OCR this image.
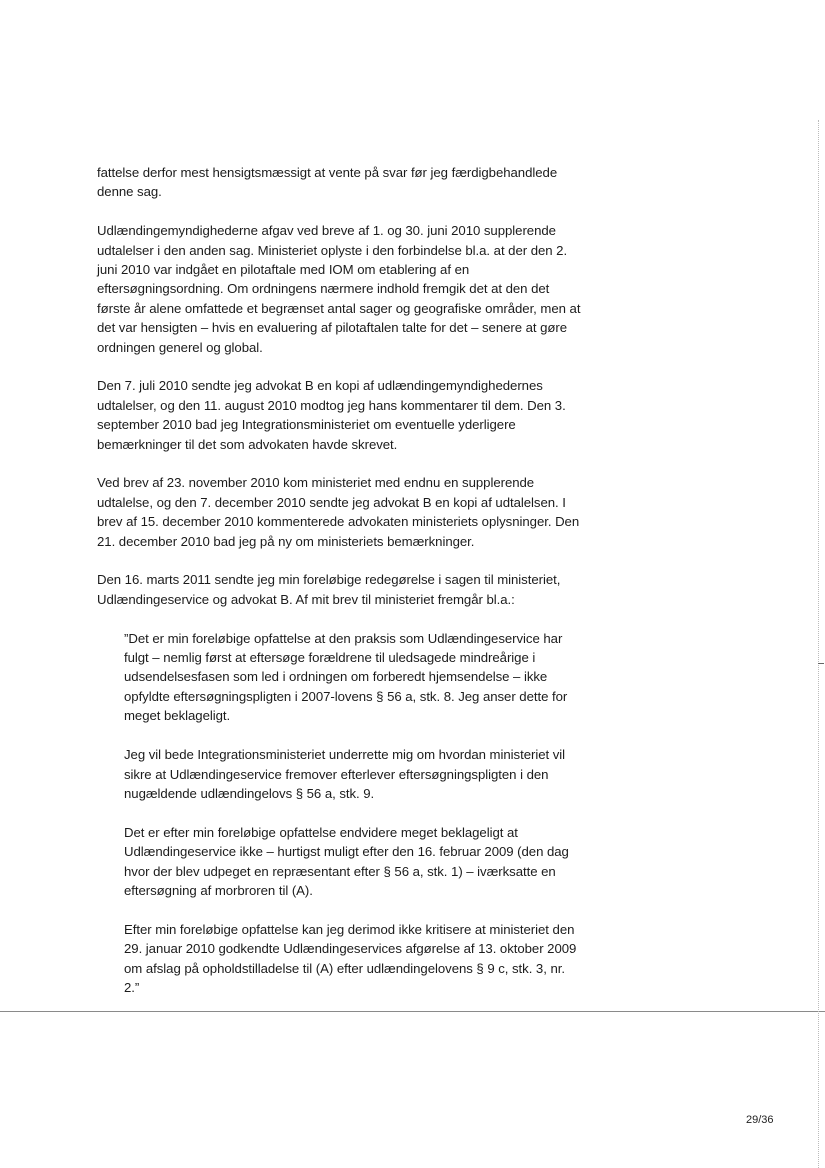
fattelse derfor mest hensigtsmæssigt at vente på svar før jeg færdigbehandlede denne sag.

Udlændingemyndighederne afgav ved breve af 1. og 30. juni 2010 supplerende udtalelser i den anden sag. Ministeriet oplyste i den forbindelse bl.a. at der den 2. juni 2010 var indgået en pilotaftale med IOM om etablering af en eftersøgningsordning. Om ordningens nærmere indhold fremgik det at den det første år alene omfattede et begrænset antal sager og geografiske områder, men at det var hensigten – hvis en evaluering af pilotaftalen talte for det – senere at gøre ordningen generel og global.

Den 7. juli 2010 sendte jeg advokat B en kopi af udlændingemyndighedernes udtalelser, og den 11. august 2010 modtog jeg hans kommentarer til dem. Den 3. september 2010 bad jeg Integrationsministeriet om eventuelle yderligere bemærkninger til det som advokaten havde skrevet.

Ved brev af 23. november 2010 kom ministeriet med endnu en supplerende udtalelse, og den 7. december 2010 sendte jeg advokat B en kopi af udtalelsen. I brev af 15. december 2010 kommenterede advokaten ministeriets oplysninger. Den 21. december 2010 bad jeg på ny om ministeriets bemærkninger.

Den 16. marts 2011 sendte jeg min foreløbige redegørelse i sagen til ministeriet, Udlændingeservice og advokat B. Af mit brev til ministeriet fremgår bl.a.:

”Det er min foreløbige opfattelse at den praksis som Udlændingeservice har fulgt – nemlig først at eftersøge forældrene til uledsagede mindreårige i udsendelsesfasen som led i ordningen om forberedt hjemsendelse – ikke opfyldte eftersøgningspligten i 2007-lovens § 56 a, stk. 8. Jeg anser dette for meget beklageligt.

Jeg vil bede Integrationsministeriet underrette mig om hvordan ministeriet vil sikre at Udlændingeservice fremover efterlever eftersøgningspligten i den nugældende udlændingelovs § 56 a, stk. 9.

Det er efter min foreløbige opfattelse endvidere meget beklageligt at Udlændingeservice ikke – hurtigst muligt efter den 16. februar 2009 (den dag hvor der blev udpeget en repræsentant efter § 56 a, stk. 1) – iværksatte en eftersøgning af morbroren til (A).

Efter min foreløbige opfattelse kan jeg derimod ikke kritisere at ministeriet den 29. januar 2010 godkendte Udlændingeservices afgørelse af 13. oktober 2009 om afslag på opholdstilladelse til (A) efter udlændingelovens § 9 c, stk. 3, nr. 2.”

29/36
